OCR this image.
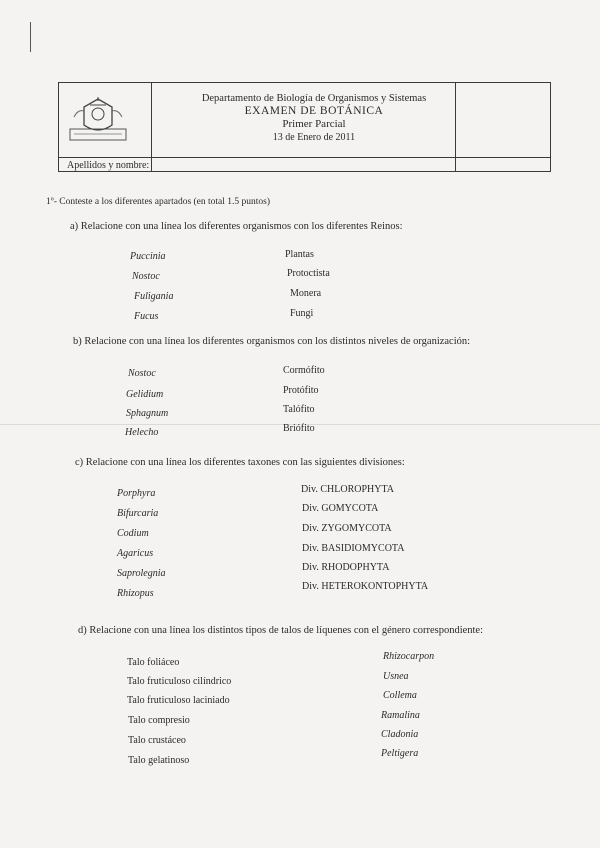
Departamento de Biología de Organismos y Sistemas
EXAMEN DE BOTÁNICA
Primer Parcial
13 de Enero de 2011
Apellidos y nombre:
1º- Conteste a los diferentes apartados (en total 1.5 puntos)
a) Relacione con una línea los diferentes organismos con los diferentes Reinos:
Puccinia
Nostoc
Fuligania
Fucus
Plantas
Protoctista
Monera
Fungi
b) Relacione con una línea los diferentes organismos con los distintos niveles de organización:
Nostoc
Gelidium
Sphagnum
Helecho
Cormófito
Protófito
Talófito
Briófito
c) Relacione con una línea los diferentes taxones con las siguientes divisiones:
Porphyra
Bifurcaria
Codium
Agaricus
Saprolegnia
Rhizopus
Div. CHLOROPHYTA
Div. GOMYCOTA
Div. ZYGOMYCOTA
Div. BASIDIOMYCOTA
Div. RHODOPHYTA
Div. HETEROKONTOPHYTA
d) Relacione con una línea los distintos tipos de talos de líquenes con el género correspondiente:
Talo foliáceo
Talo fruticuloso cilíndrico
Talo fruticuloso laciniado
Talo compresio
Talo crustáceo
Talo gelatinoso
Rhizocarpon
Usnea
Collema
Ramalina
Cladonia
Peltigera
